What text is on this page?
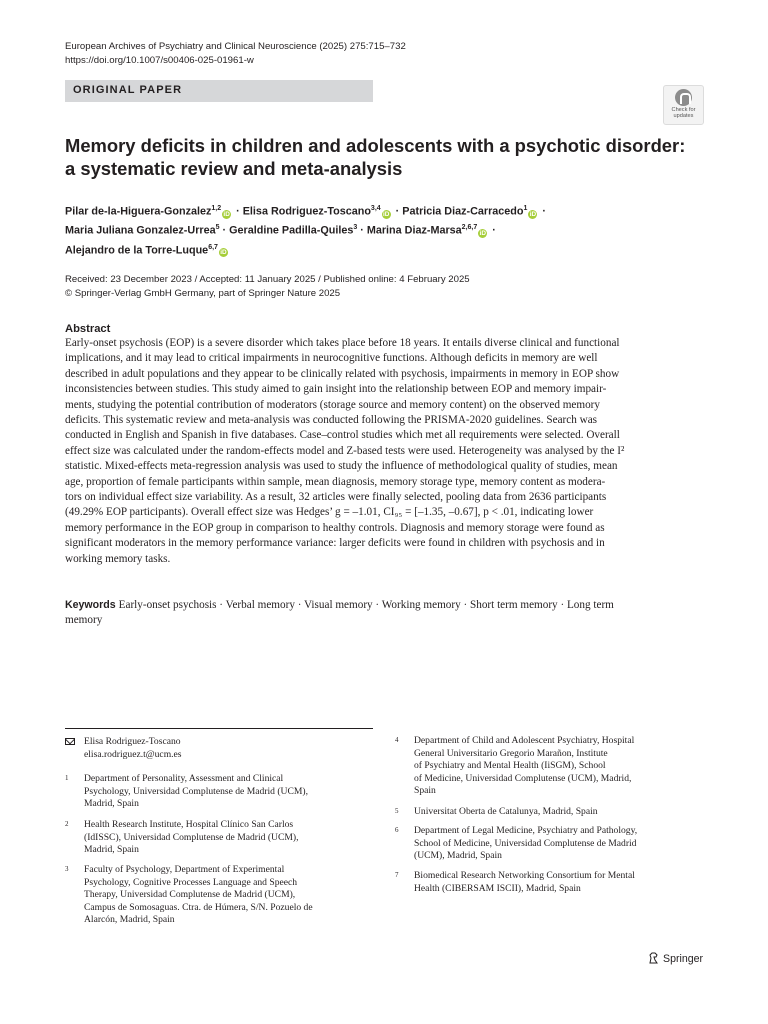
European Archives of Psychiatry and Clinical Neuroscience (2025) 275:715–732
https://doi.org/10.1007/s00406-025-01961-w
ORIGINAL PAPER
Check for
updates
Memory deficits in children and adolescents with a psychotic disorder:
a systematic review and meta-analysis
Pilar de-la-Higuera-Gonzalez$^{1,2}$iD · Elisa Rodriguez-Toscano$^{3,4}$iD · Patricia Diaz-Carracedo$^1$iD ·
Maria Juliana Gonzalez-Urrea$^5$ · Geraldine Padilla-Quiles$^3$ · Marina Diaz-Marsa$^{2,6,7}$iD ·
Alejandro de la Torre-Luque$^{6,7}$iD
Received: 23 December 2023 / Accepted: 11 January 2025 / Published online: 4 February 2025
© Springer-Verlag GmbH Germany, part of Springer Nature 2025
Abstract
Early-onset psychosis (EOP) is a severe disorder which takes place before 18 years. It entails diverse clinical and functional
implications, and it may lead to critical impairments in neurocognitive functions. Although deficits in memory are well
described in adult populations and they appear to be clinically related with psychosis, impairments in memory in EOP show
inconsistencies between studies. This study aimed to gain insight into the relationship between EOP and memory impair-
ments, studying the potential contribution of moderators (storage source and memory content) on the observed memory
deficits. This systematic review and meta-analysis was conducted following the PRISMA-2020 guidelines. Search was
conducted in English and Spanish in five databases. Case–control studies which met all requirements were selected. Overall
effect size was calculated under the random-effects model and Z-based tests were used. Heterogeneity was analysed by the I²
statistic. Mixed-effects meta-regression analysis was used to study the influence of methodological quality of studies, mean
age, proportion of female participants within sample, mean diagnosis, memory storage type, memory content as modera-
tors on individual effect size variability. As a result, 32 articles were finally selected, pooling data from 2636 participants
(49.29% EOP participants). Overall effect size was Hedges’ g = –1.01, CI₉₅ = [–1.35, –0.67], p < .01, indicating lower
memory performance in the EOP group in comparison to healthy controls. Diagnosis and memory storage were found as
significant moderators in the memory performance variance: larger deficits were found in children with psychosis and in
working memory tasks.
Keywords Early-onset psychosis · Verbal memory · Visual memory · Working memory · Short term memory · Long term
memory
Elisa Rodriguez-Toscano
elisa.rodriguez.t@ucm.es
1 Department of Personality, Assessment and Clinical
Psychology, Universidad Complutense de Madrid (UCM),
Madrid, Spain
2 Health Research Institute, Hospital Clínico San Carlos
(IdISSC), Universidad Complutense de Madrid (UCM),
Madrid, Spain
3 Faculty of Psychology, Department of Experimental
Psychology, Cognitive Processes Language and Speech
Therapy, Universidad Complutense de Madrid (UCM),
Campus de Somosaguas. Ctra. de Húmera, S/N. Pozuelo de
Alarcón, Madrid, Spain
4 Department of Child and Adolescent Psychiatry, Hospital
General Universitario Gregorio Marañon, Institute
of Psychiatry and Mental Health (IiSGM), School
of Medicine, Universidad Complutense (UCM), Madrid,
Spain
5 Universitat Oberta de Catalunya, Madrid, Spain
6 Department of Legal Medicine, Psychiatry and Pathology,
School of Medicine, Universidad Complutense de Madrid
(UCM), Madrid, Spain
7 Biomedical Research Networking Consortium for Mental
Health (CIBERSAM ISCII), Madrid, Spain
Springer
